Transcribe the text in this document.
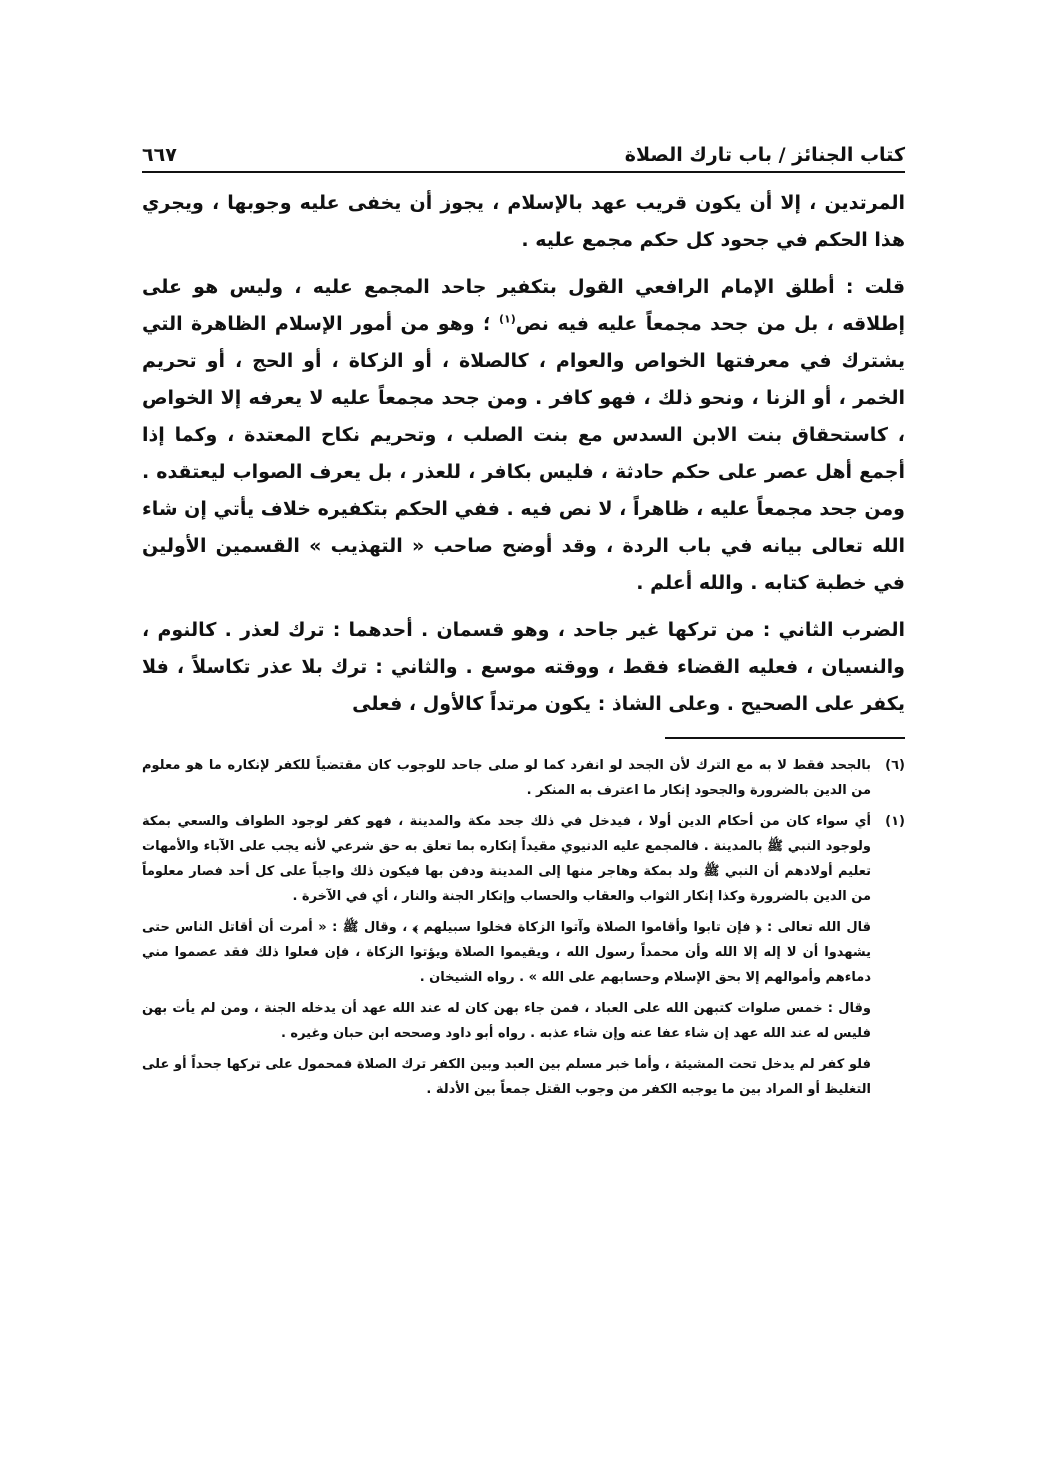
كتاب الجنائز / باب تارك الصلاة
٦٦٧

المرتدين ، إلا أن يكون قريب عهد بالإسلام ، يجوز أن يخفى عليه وجوبها ، ويجري هذا الحكم في جحود كل حكم مجمع عليه .

قلت : أطلق الإمام الرافعي القول بتكفير جاحد المجمع عليه ، وليس هو على إطلاقه ، بل من جحد مجمعاً عليه فيه نص$^{(١)}$ ؛ وهو من أمور الإسلام الظاهرة التي يشترك في معرفتها الخواص والعوام ، كالصلاة ، أو الزكاة ، أو الحج ، أو تحريم الخمر ، أو الزنا ، ونحو ذلك ، فهو كافر . ومن جحد مجمعاً عليه لا يعرفه إلا الخواص ، كاستحقاق بنت الابن السدس مع بنت الصلب ، وتحريم نكاح المعتدة ، وكما إذا أجمع أهل عصر على حكم حادثة ، فليس بكافر ، للعذر ، بل يعرف الصواب ليعتقده . ومن جحد مجمعاً عليه ، ظاهراً ، لا نص فيه . ففي الحكم بتكفيره خلاف يأتي إن شاء الله تعالى بيانه في باب الردة ، وقد أوضح صاحب « التهذيب » القسمين الأولين في خطبة كتابه . والله أعلم .

الضرب الثاني : من تركها غير جاحد ، وهو قسمان . أحدهما : ترك لعذر . كالنوم ، والنسيان ، فعليه القضاء فقط ، ووقته موسع . والثاني : ترك بلا عذر تكاسلاً ، فلا يكفر على الصحيح . وعلى الشاذ : يكون مرتداً كالأول ، فعلى

(٦)
بالجحد فقط لا به مع الترك لأن الجحد لو انفرد كما لو صلى جاحد للوجوب كان مقتضياً للكفر لإنكاره ما هو معلوم من الدين بالضرورة والجحود إنكار ما اعترف به المنكر .
(١)
أي سواء كان من أحكام الدين أولا ، فيدخل في ذلك جحد مكة والمدينة ، فهو كفر لوجود الطواف والسعي بمكة ولوجود النبي ﷺ بالمدينة . فالمجمع عليه الدنيوي مقيداً إنكاره بما تعلق به حق شرعي لأنه يجب على الآباء والأمهات تعليم أولادهم أن النبي ﷺ ولد بمكة وهاجر منها إلى المدينة ودفن بها فيكون ذلك واجباً على كل أحد فصار معلوماً من الدين بالضرورة وكذا إنكار الثواب والعقاب والحساب وإنكار الجنة والنار ، أي في الآخرة .

قال الله تعالى : ﴿ فإن تابوا وأقاموا الصلاة وآتوا الزكاة فخلوا سبيلهم ﴾ ، وقال ﷺ : « أمرت أن أقاتل الناس حتى يشهدوا أن لا إله إلا الله وأن محمداً رسول الله ، ويقيموا الصلاة ويؤتوا الزكاة ، فإن فعلوا ذلك فقد عصموا مني دماءهم وأموالهم إلا بحق الإسلام وحسابهم على الله » . رواه الشيخان .

وقال : خمس صلوات كتبهن الله على العباد ، فمن جاء بهن كان له عند الله عهد أن يدخله الجنة ، ومن لم يأت بهن فليس له عند الله عهد إن شاء عفا عنه وإن شاء عذبه . رواه أبو داود وصححه ابن حبان وغيره .

فلو كفر لم يدخل تحت المشيئة ، وأما خبر مسلم بين العبد وبين الكفر ترك الصلاة فمحمول على تركها جحداً أو على التغليظ أو المراد بين ما يوجبه الكفر من وجوب القتل جمعاً بين الأدلة .
